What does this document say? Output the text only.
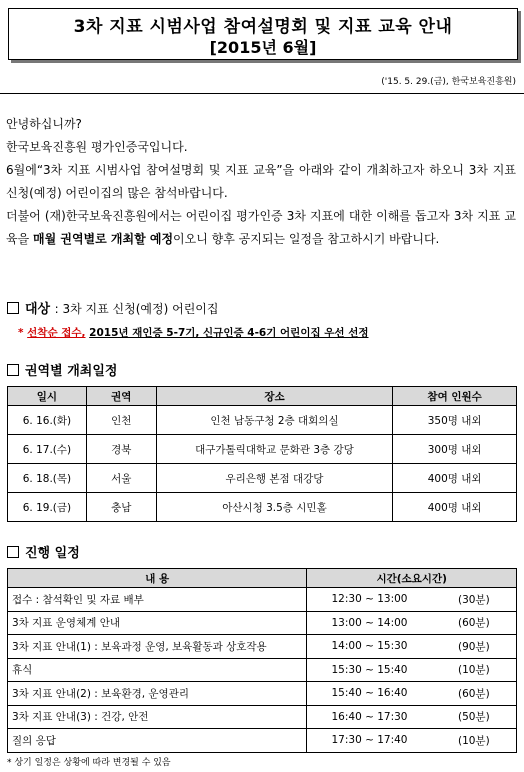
3차 지표 시범사업 참여설명회 및 지표 교육 안내
[2015년 6월]
('15. 5. 29.(금), 한국보육진흥원)
안녕하십니까?
한국보육진흥원 평가인증국입니다.
6월에“3차 지표 시범사업 참여설명회 및 지표 교육”을 아래와 같이 개최하고자 하오니 3차 지표 신청(예정) 어린이집의 많은 참석바랍니다.
더불어 (재)한국보육진흥원에서는 어린이집 평가인증 3차 지표에 대한 이해를 돕고자 3차 지표 교육을 매월 권역별로 개최할 예정이오니 향후 공지되는 일정을 참고하시기 바랍니다.
대상 : 3차 지표 신청(예정) 어린이집
* 선착순 접수, 2015년 재인증 5-7기, 신규인증 4-6기 어린이집 우선 선정
권역별 개최일정
일시	권역	장소	참여 인원수
6. 16.(화)	인천	인천 남동구청 2층 대회의실	350명 내외
6. 17.(수)	경북	대구가톨릭대학교 문화관 3층 강당	300명 내외
6. 18.(목)	서울	우리은행 본점 대강당	400명 내외
6. 19.(금)	충남	아산시청 3.5층 시민홀	400명 내외
진행 일정
내 용	시간(소요시간)	
접수 : 참석확인 및 자료 배부	12:30 ~ 13:00	(30분)
3차 지표 운영체계 안내	13:00 ~ 14:00	(60분)
3차 지표 안내(1) : 보육과정 운영, 보육활동과 상호작용	14:00 ~ 15:30	(90분)
휴식	15:30 ~ 15:40	(10분)
3차 지표 안내(2) : 보육환경, 운영관리	15:40 ~ 16:40	(60분)
3차 지표 안내(3) : 건강, 안전	16:40 ~ 17:30	(50분)
질의 응답	17:30 ~ 17:40	(10분)
* 상기 일정은 상황에 따라 변경될 수 있음
